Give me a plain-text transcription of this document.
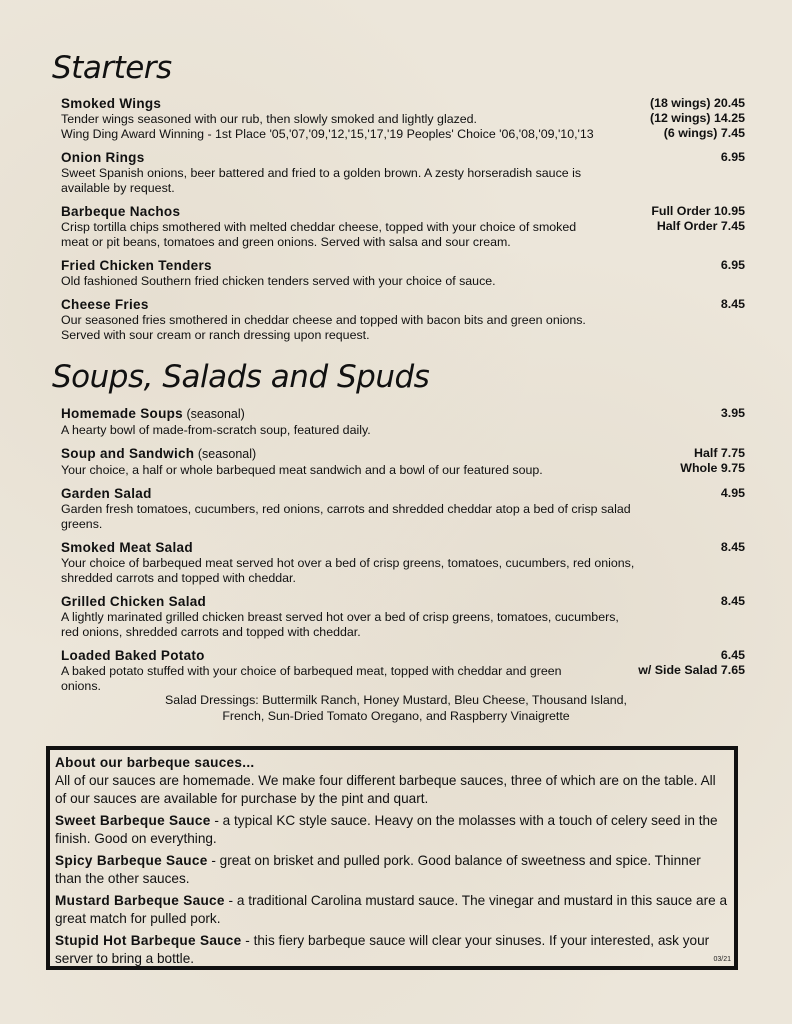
Starters
Smoked Wings
Tender wings seasoned with our rub, then slowly smoked and lightly glazed.
Wing Ding Award Winning - 1st Place '05,'07,'09,'12,'15,'17,'19 Peoples' Choice '06,'08,'09,'10,'13
(18 wings) 20.45
(12 wings) 14.25
(6 wings) 7.45
Onion Rings
Sweet Spanish onions, beer battered and fried to a golden brown. A zesty horseradish sauce is
available by request.
6.95
Barbeque Nachos
Crisp tortilla chips smothered with melted cheddar cheese, topped with your choice of smoked
meat or pit beans, tomatoes and green onions. Served with salsa and sour cream.
Full Order 10.95
Half Order 7.45
Fried Chicken Tenders
Old fashioned Southern fried chicken tenders served with your choice of sauce.
6.95
Cheese Fries
Our seasoned fries smothered in cheddar cheese and topped with bacon bits and green onions.
Served with sour cream or ranch dressing upon request.
8.45
Soups, Salads and Spuds
Homemade Soups (seasonal)
A hearty bowl of made-from-scratch soup, featured daily.
3.95
Soup and Sandwich (seasonal)
Your choice, a half or whole barbequed meat sandwich and a bowl of our featured soup.
Half 7.75
Whole 9.75
Garden Salad
Garden fresh tomatoes, cucumbers, red onions, carrots and shredded cheddar atop a bed of crisp salad
greens.
4.95
Smoked Meat Salad
Your choice of barbequed meat served hot over a bed of crisp greens, tomatoes, cucumbers, red onions,
shredded carrots and topped with cheddar.
8.45
Grilled Chicken Salad
A lightly marinated grilled chicken breast served hot over a bed of crisp greens, tomatoes, cucumbers,
red onions, shredded carrots and topped with cheddar.
8.45
Loaded Baked Potato
A baked potato stuffed with your choice of barbequed meat, topped with cheddar and green
onions.
6.45
w/ Side Salad 7.65
Salad Dressings: Buttermilk Ranch, Honey Mustard, Bleu Cheese, Thousand Island,
French, Sun-Dried Tomato Oregano, and Raspberry Vinaigrette
About our barbeque sauces...
All of our sauces are homemade. We make four different barbeque sauces, three of which are on the table. All of our sauces are available for purchase by the pint and quart.
Sweet Barbeque Sauce - a typical KC style sauce. Heavy on the molasses with a touch of celery seed in the finish. Good on everything.
Spicy Barbeque Sauce - great on brisket and pulled pork. Good balance of sweetness and spice. Thinner than the other sauces.
Mustard Barbeque Sauce - a traditional Carolina mustard sauce. The vinegar and mustard in this sauce are a great match for pulled pork.
Stupid Hot Barbeque Sauce - this fiery barbeque sauce will clear your sinuses. If your interested, ask your server to bring a bottle.	03/21
